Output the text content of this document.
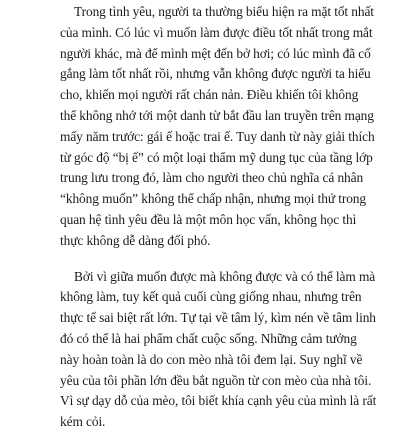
Trong tình yêu, người ta thường biểu hiện ra mặt tốt nhất
của mình. Có lúc vì muốn làm được điều tốt nhất trong mắt
người khác, mà để mình mệt đến bở hơi; có lúc mình đã cố
gắng làm tốt nhất rồi, nhưng vẫn không được người ta hiểu
cho, khiến mọi người rất chán nản. Điều khiến tôi không
thể không nhớ tới một danh từ bắt đầu lan truyền trên mạng
mấy năm trước: gái ế hoặc trai ế. Tuy danh từ này giải thích
từ góc độ “bị ế” có một loại thẩm mỹ dung tục của tầng lớp
trung lưu trong đó, làm cho người theo chủ nghĩa cá nhân
“không muốn” không thể chấp nhận, nhưng mọi thứ trong
quan hệ tình yêu đều là một môn học vấn, không học thì
thực không dễ dàng đối phó.
Bởi vì giữa muốn được mà không được và có thể làm mà
không làm, tuy kết quả cuối cùng giống nhau, nhưng trên
thực tế sai biệt rất lớn. Tự tại về tâm lý, kìm nén về tâm linh
đó có thể là hai phẩm chất cuộc sống. Những cảm tưởng
này hoàn toàn là do con mèo nhà tôi đem lại. Suy nghĩ về
yêu của tôi phần lớn đều bắt nguồn từ con mèo của nhà tôi.
Vì sự dạy dỗ của mèo, tôi biết khía cạnh yêu của mình là rất
kém cỏi.
